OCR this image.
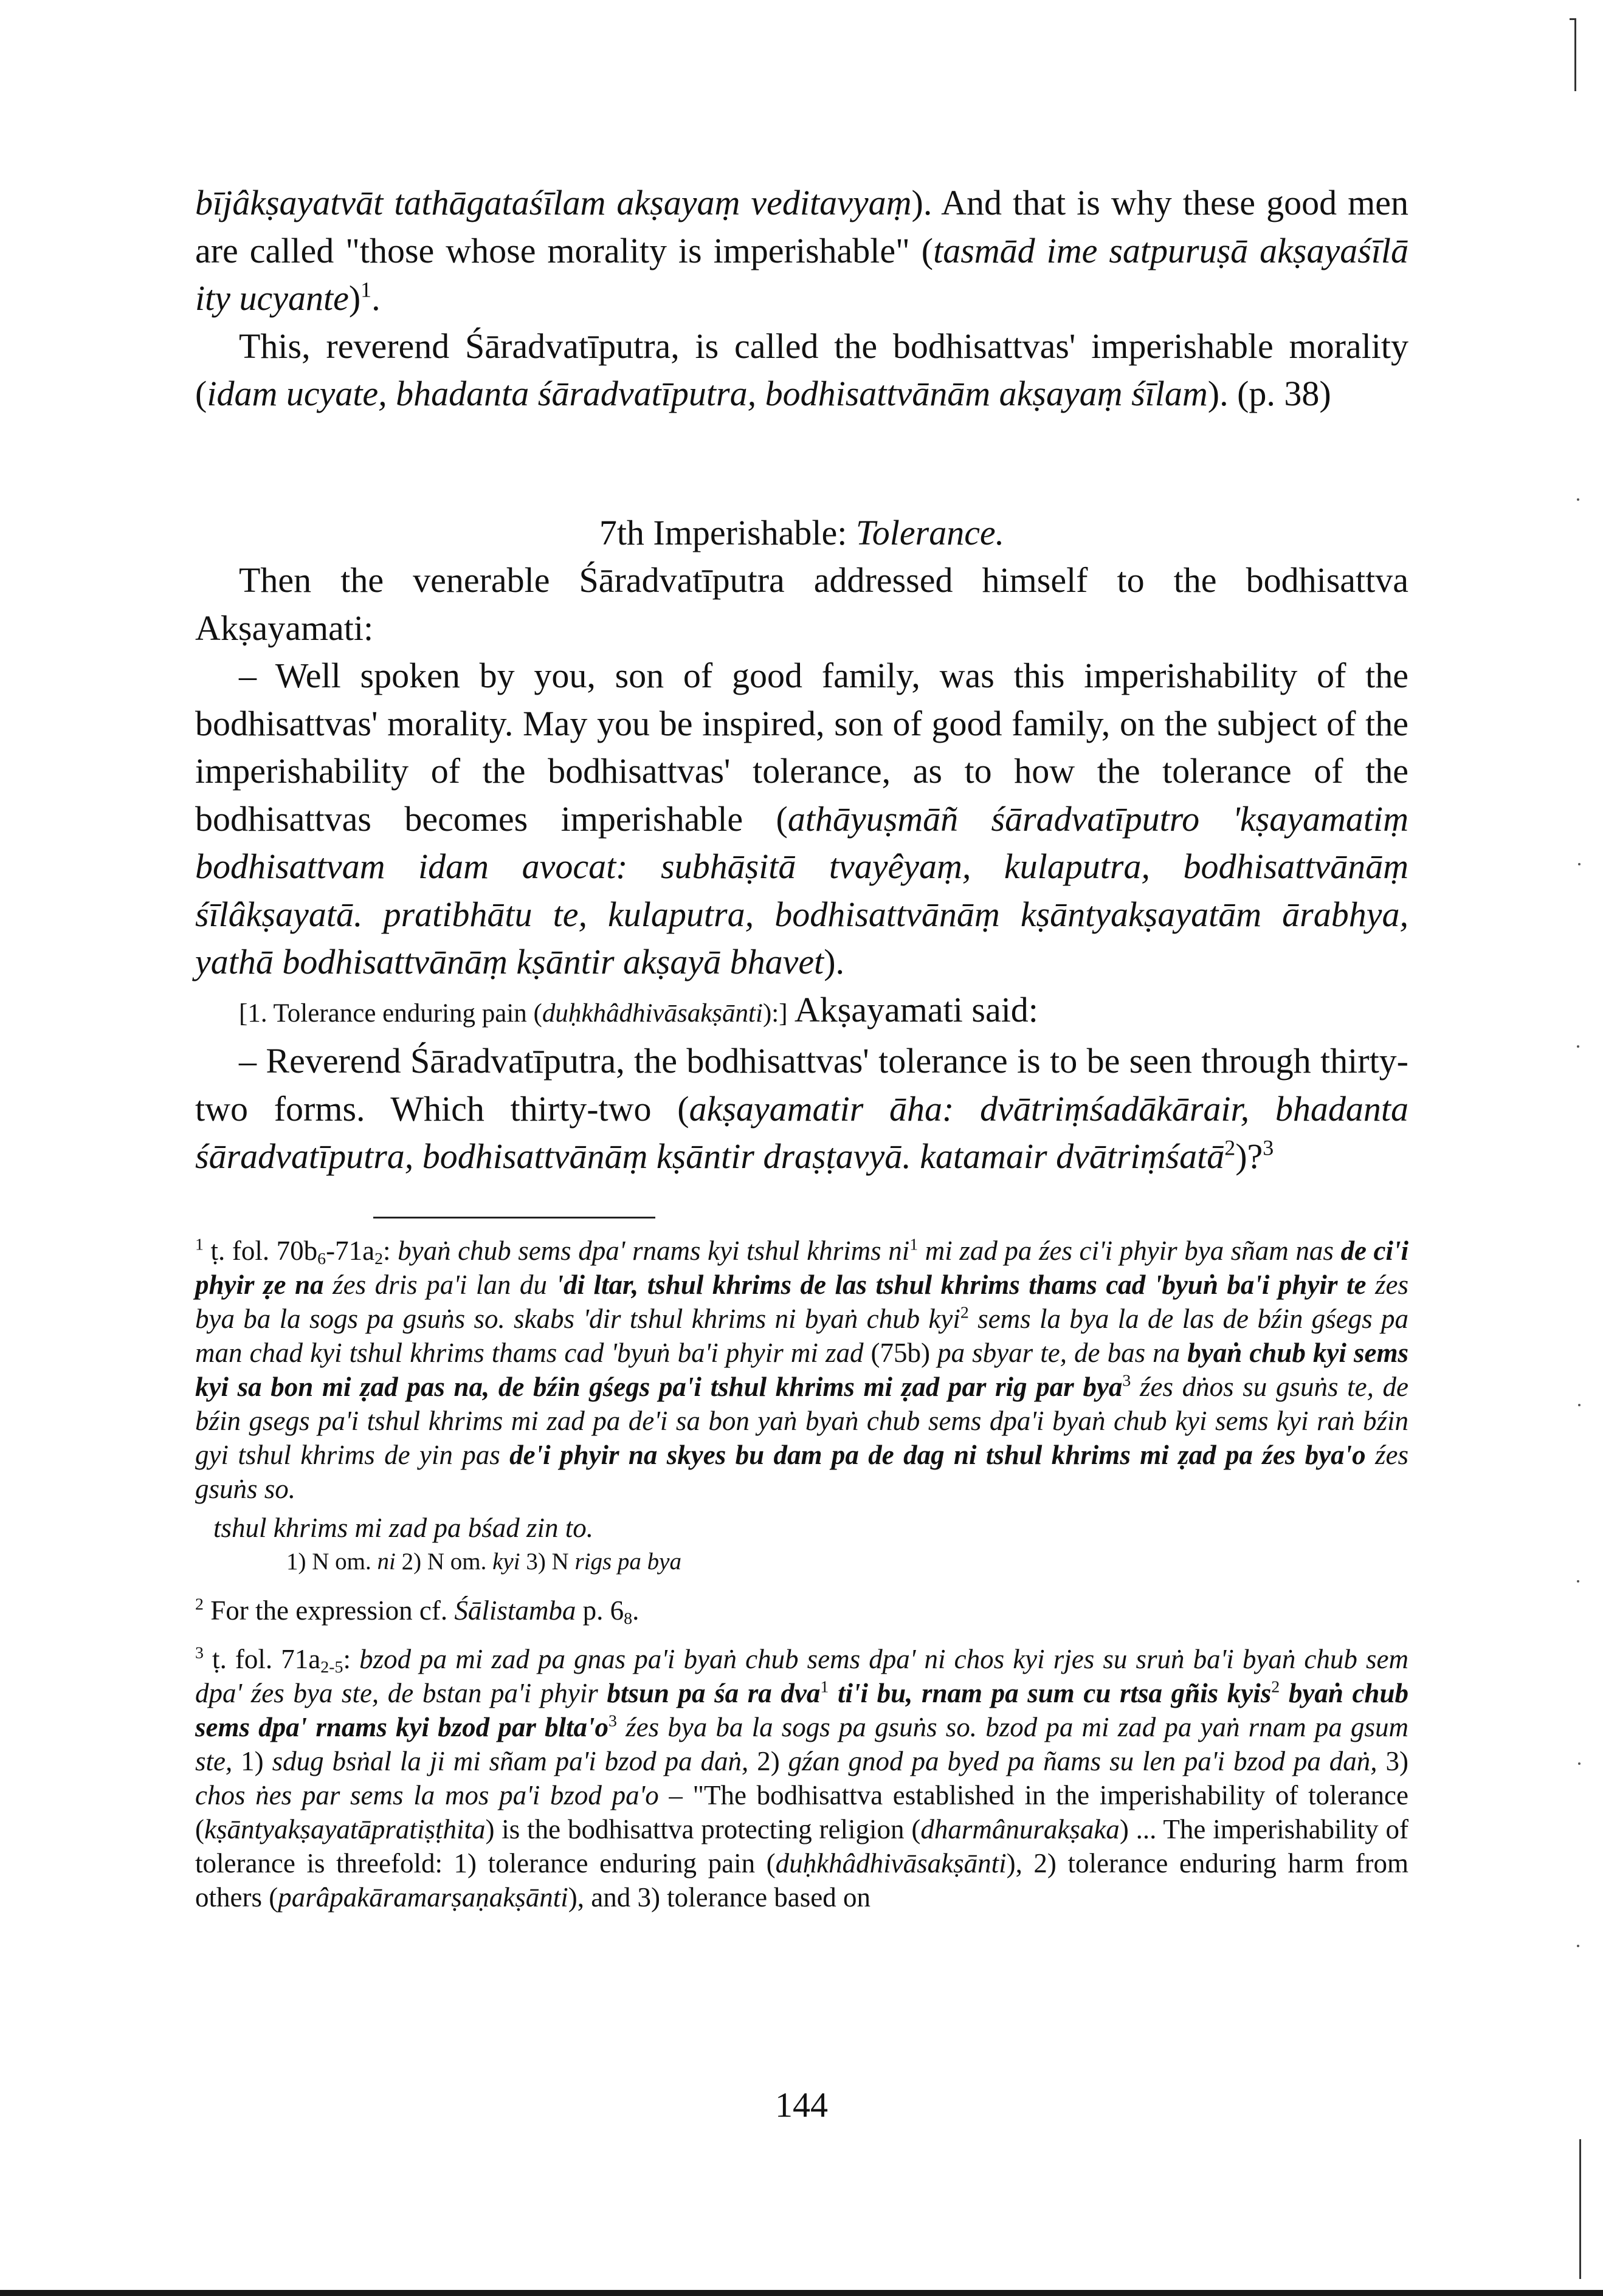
bījâkṣayatvāt tathāgataśīlam akṣayaṃ veditavyaṃ). And that is why these good men are called "those whose morality is imperishable" (tasmād ime satpuruṣā akṣayaśīlā ity ucyante)$^1$.

This, reverend Śāradvatīputra, is called the bodhisattvas' imperishable morality (idam ucyate, bhadanta śāradvatīputra, bodhisattvānām akṣayaṃ śīlam). (p. 38)

7th Imperishable: Tolerance.

Then the venerable Śāradvatīputra addressed himself to the bodhisattva Akṣayamati:

– Well spoken by you, son of good family, was this imperishability of the bodhisattvas' morality. May you be inspired, son of good family, on the subject of the imperishability of the bodhisattvas' tolerance, as to how the tolerance of the bodhisattvas becomes imperishable (athāyuṣmāñ śāradvatīputro 'kṣayamatiṃ bodhisattvam idam avocat: subhāṣitā tvayêyaṃ, kulaputra, bodhisattvānāṃ śīlâkṣayatā. pratibhātu te, kulaputra, bodhisattvānāṃ kṣāntyakṣayatām ārabhya, yathā bodhisattvānāṃ kṣāntir akṣayā bhavet).

[1. Tolerance enduring pain (duḥkhâdhivāsakṣānti):] Akṣayamati said:

– Reverend Śāradvatīputra, the bodhisattvas' tolerance is to be seen through thirty-two forms. Which thirty-two (akṣayamatir āha: dvātriṃśadākārair, bhadanta śāradvatīputra, bodhisattvānāṃ kṣāntir draṣṭavyā. katamair dvātriṃśatā$^2$)?$^3$

$^1$ ṭ. fol. $70b_6-71a_2$: byaṅ chub sems dpa' rnams kyi tshul khrims $ni^1$ mi zad pa źes ci'i phyir bya sñam nas de ci'i phyir ẓe na źes dris pa'i lan du 'di ltar, tshul khrims de las tshul khrims thams cad 'byuṅ ba'i phyir te źes bya ba la sogs pa gsuṅs so. skabs 'dir tshul khrims ni byaṅ chub kyi$^2$ sems la bya la de las de bźin gśegs pa man chad kyi tshul khrims thams cad 'byuṅ ba'i phyir mi zad (75b) pa sbyar te, de bas na byaṅ chub kyi sems kyi sa bon mi ẓad pas na, de bźin gśegs pa'i tshul khrims mi ẓad par rig par bya$^3$ źes dṅos su gsuṅs te, de bźin gsegs pa'i tshul khrims mi zad pa de'i sa bon yaṅ byaṅ chub sems dpa'i byaṅ chub kyi sems kyi raṅ bźin gyi tshul khrims de yin pas de'i phyir na skyes bu dam pa de dag ni tshul khrims mi ẓad pa źes bya'o źes gsuṅs so.

tshul khrims mi zad pa bśad zin to.

1) N om. ni 2) N om. kyi 3) N rigs pa bya

$^2$ For the expression cf. Śālistamba p. $6_8$.

$^3$ ṭ. fol. $71a_{2-5}$: bzod pa mi zad pa gnas pa'i byaṅ chub sems dpa' ni chos kyi rjes su sruṅ ba'i byaṅ chub sem dpa' źes bya ste, de bstan pa'i phyir btsun pa śa ra dva$^1$ ti'i bu, rnam pa sum cu rtsa gñis kyis$^2$ byaṅ chub sems dpa' rnams kyi bzod par $blta'o^3$ źes bya ba la sogs pa gsuṅs so. bzod pa mi zad pa yaṅ rnam pa gsum ste, 1) sdug bsṅal la ji mi sñam pa'i bzod pa daṅ, 2) gźan gnod pa byed pa ñams su len pa'i bzod pa daṅ, 3) chos ṅes par sems la mos pa'i bzod pa'o – "The bodhisattva established in the imperishability of tolerance (kṣāntyakṣayatāpratiṣṭhita) is the bodhisattva protecting religion (dharmânurakṣaka) ... The imperishability of tolerance is threefold: 1) tolerance enduring pain (duḥkhâdhivāsakṣānti), 2) tolerance enduring harm from others (parâpakāramarṣaṇakṣānti), and 3) tolerance based on

144
